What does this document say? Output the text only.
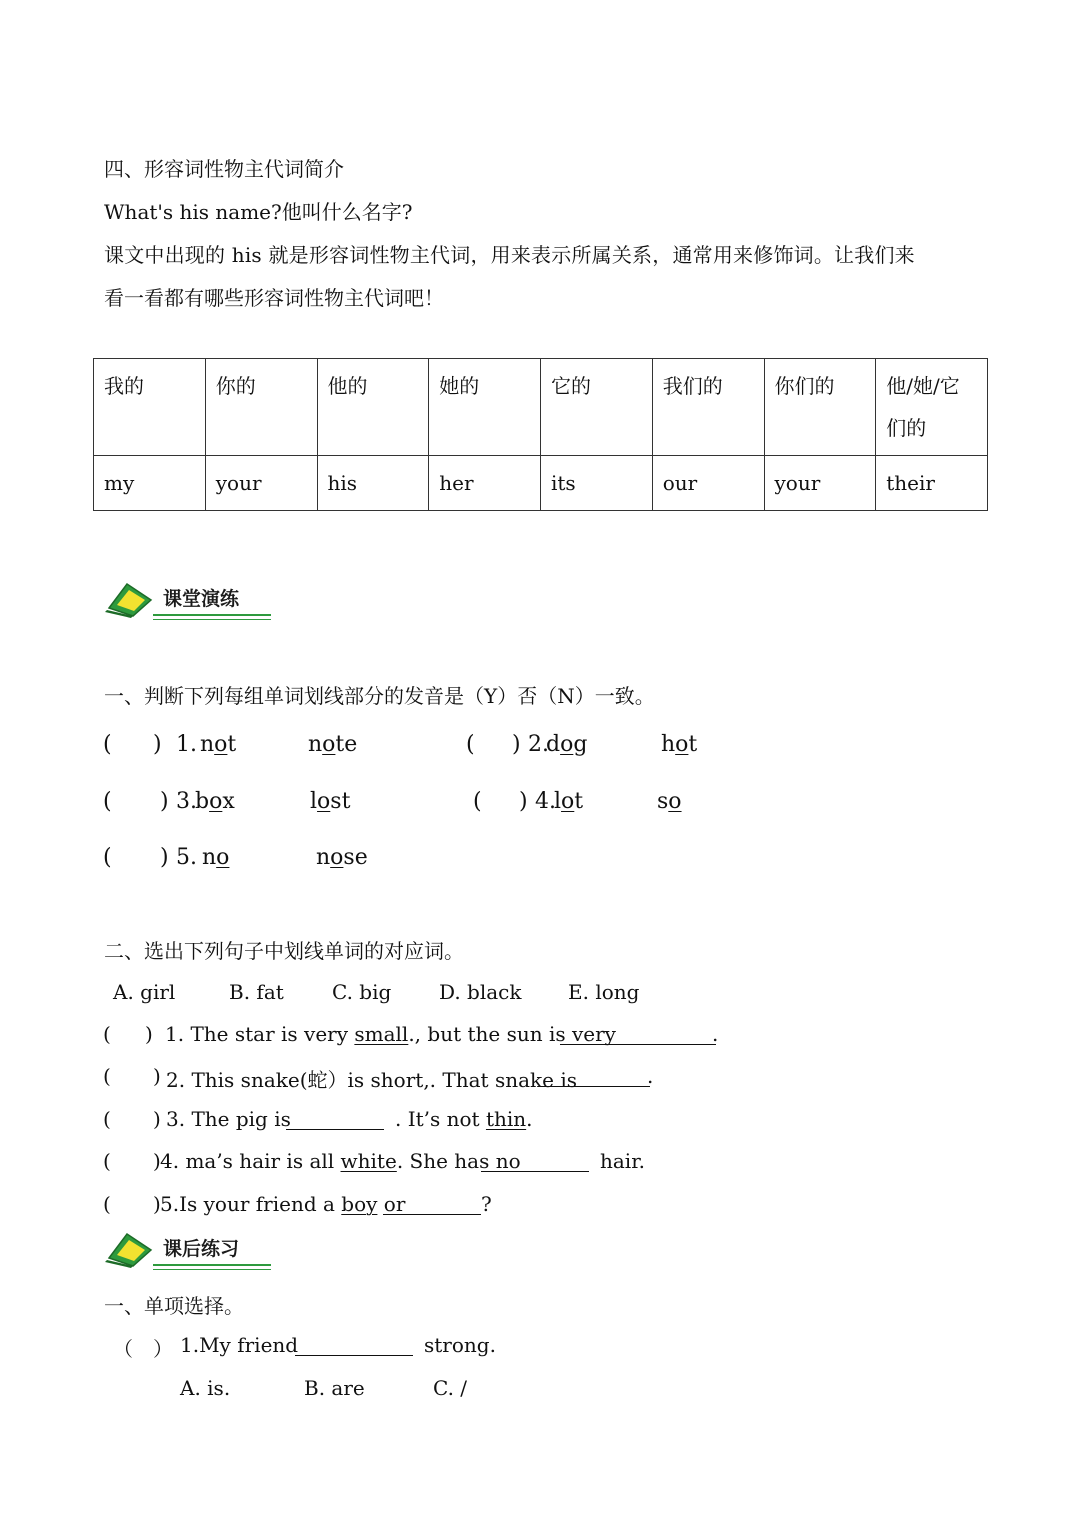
四、形容词性物主代词简介
What's his name?他叫什么名字?
课文中出现的 his 就是形容词性物主代词，用来表示所属关系，通常用来修饰词。让我们来
看一看都有哪些形容词性物主代词吧！
我的	你的	他的	她的	它的	我们的	你们的	他/她/它
们的
my	your	his	her	its	our	your	their
课堂演练
一、判断下列每组单词划线部分的发音是（Y）否（N）一致。
( ) 1. not	note	( ) 2.
dog	hot
( ) 3.
box	lost	( ) 4.
lot	so
( ) 5. no	nose
二、选出下列句子中划线单词的对应词。
A. girl	B. fat C. big D. black E. long
( ) 1. The star is very small., but the sun is very	.
( ) 2. This snake(蛇）is short,. That snake is	.
( ) 3. The pig is	. It’s not thin.
( ) 4. ma’s hair is all white. She has no	hair.
( ) 5.Is your friend a boy or	?
课后练习
一、单项选择。
（ ） 1.My friend	strong.
A. is.	B. are	C. /
